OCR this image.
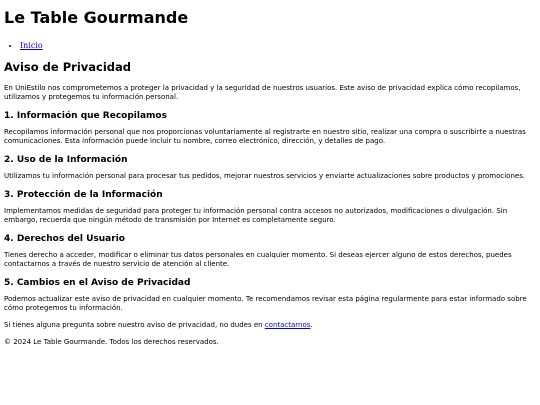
Le Table Gourmande
• Inicio
Aviso de Privacidad

En UniEstilo nos comprometemos a proteger la privacidad y la seguridad de nuestros usuarios. Este aviso de privacidad explica cómo recopilamos, utilizamos y protegemos tu información personal.

1. Información que Recopilamos

Recopilamos información personal que nos proporcionas voluntariamente al registrarte en nuestro sitio, realizar una compra o suscribirte a nuestras comunicaciones. Esta información puede incluir tu nombre, correo electrónico, dirección, y detalles de pago.

2. Uso de la Información

Utilizamos tu información personal para procesar tus pedidos, mejorar nuestros servicios y enviarte actualizaciones sobre productos y promociones.

3. Protección de la Información

Implementamos medidas de seguridad para proteger tu información personal contra accesos no autorizados, modificaciones o divulgación. Sin embargo, recuerda que ningún método de transmisión por Internet es completamente seguro.

4. Derechos del Usuario

Tienes derecho a acceder, modificar o eliminar tus datos personales en cualquier momento. Si deseas ejercer alguno de estos derechos, puedes contactarnos a través de nuestro servicio de atención al cliente.

5. Cambios en el Aviso de Privacidad

Podemos actualizar este aviso de privacidad en cualquier momento. Te recomendamos revisar esta página regularmente para estar informado sobre cómo protegemos tu información.

Si tienes alguna pregunta sobre nuestro aviso de privacidad, no dudes en contactarnos.

© 2024 Le Table Gourmande. Todos los derechos reservados.
